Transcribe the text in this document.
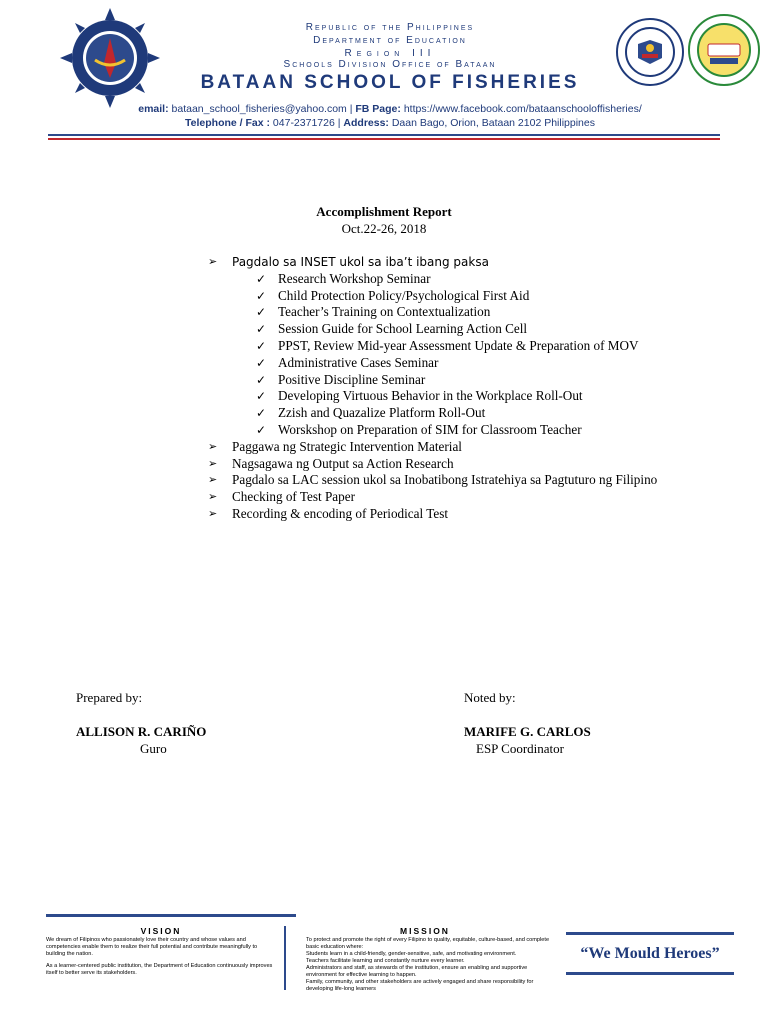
Republic of the Philippines
Department of Education
Region III
Schools Division Office of Bataan
BATAAN SCHOOL OF FISHERIES
email: bataan_school_fisheries@yahoo.com | FB Page: https://www.facebook.com/bataanschooloffisheries/
Telephone / Fax : 047-2371726 | Address: Daan Bago, Orion, Bataan 2102 Philippines
Accomplishment Report
Oct.22-26, 2018
➢ Pagdalo sa INSET ukol sa iba’t ibang paksa
✓ Research Workshop Seminar
✓ Child Protection Policy/Psychological First Aid
✓ Teacher’s Training on Contextualization
✓ Session Guide for School Learning Action Cell
✓ PPST, Review Mid-year Assessment Update & Preparation of MOV
✓ Administrative Cases Seminar
✓ Positive Discipline Seminar
✓ Developing Virtuous Behavior in the Workplace Roll-Out
✓ Zzish and Quazalize Platform Roll-Out
✓ Worskshop on Preparation of SIM for Classroom Teacher
➢ Paggawa ng Strategic Intervention Material
➢ Nagsagawa ng Output sa Action Research
➢ Pagdalo sa LAC session ukol sa Inobatibong Istratehiya sa Pagtuturo ng Filipino
➢ Checking of Test Paper
➢ Recording & encoding of Periodical Test
Prepared by:
ALLISON R. CARIÑO
Guro
Noted by:
MARIFE G. CARLOS
ESP Coordinator
VISION
We dream of Filipinos who passionately love their country and whose values and competencies enable them to realize their full potential and contribute meaningfully to building the nation.
As a learner-centered public institution, the Department of Education continuously improves itself to better serve its stakeholders.
MISSION
To protect and promote the right of every Filipino to quality, equitable, culture-based, and complete basic education where:
Students learn in a child-friendly, gender-sensitive, safe, and motivating environment.
Teachers facilitate learning and constantly nurture every learner.
Administrators and staff, as stewards of the institution, ensure an enabling and supportive environment for effective learning to happen.
Family, community, and other stakeholders are actively engaged and share responsibility for developing life-long learners
“We Mould Heroes”
